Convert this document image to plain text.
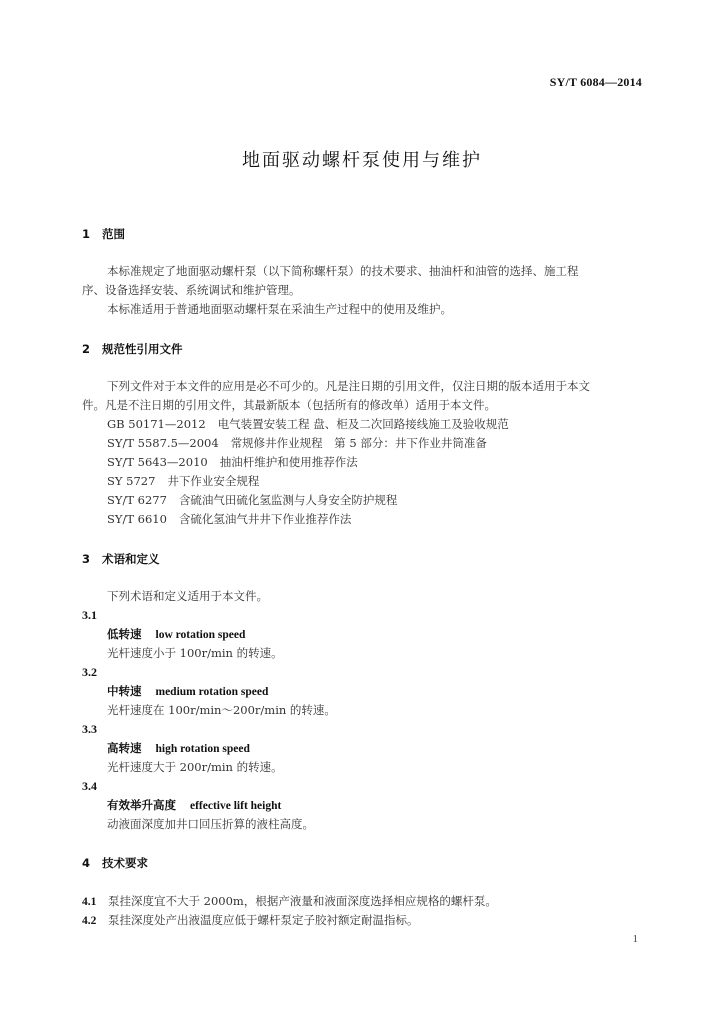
SY/T 6084—2014
地面驱动螺杆泵使用与维护
1 范围
本标准规定了地面驱动螺杆泵（以下简称螺杆泵）的技术要求、抽油杆和油管的选择、施工程
序、设备选择安装、系统调试和维护管理。
本标准适用于普通地面驱动螺杆泵在采油生产过程中的使用及维护。
2 规范性引用文件
下列文件对于本文件的应用是必不可少的。凡是注日期的引用文件，仅注日期的版本适用于本文
件。凡是不注日期的引用文件，其最新版本（包括所有的修改单）适用于本文件。
GB 50171—2012 电气装置安装工程 盘、柜及二次回路接线施工及验收规范
SY/T 5587.5—2004 常规修井作业规程　第 5 部分：井下作业井筒准备
SY/T 5643—2010 抽油杆维护和使用推荐作法
SY 5727 井下作业安全规程
SY/T 6277 含硫油气田硫化氢监测与人身安全防护规程
SY/T 6610 含硫化氢油气井井下作业推荐作法
3 术语和定义
下列术语和定义适用于本文件。
3.1
低转速 low rotation speed
光杆速度小于 100r/min 的转速。
3.2
中转速 medium rotation speed
光杆速度在 100r/min～200r/min 的转速。
3.3
高转速 high rotation speed
光杆速度大于 200r/min 的转速。
3.4
有效举升高度 effective lift height
动液面深度加井口回压折算的液柱高度。
4 技术要求
4.1 泵挂深度宜不大于 2000m，根据产液量和液面深度选择相应规格的螺杆泵。
4.2 泵挂深度处产出液温度应低于螺杆泵定子胶衬额定耐温指标。
1
